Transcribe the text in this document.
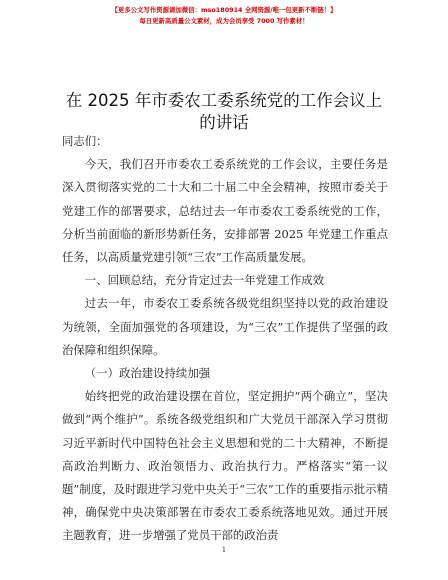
【更多公文写作资源请加微信：mso180914 全网资源/唯一包更新不断链！】
每日更新高质量公文素材，成为会员享受 7000 写作素材！
在 2025 年市委农工委系统党的工作会议上的讲话

同志们：

今天，我们召开市委农工委系统党的工作会议，主要任务是深入贯彻落实党的二十大和二十届二中全会精神，按照市委关于党建工作的部署要求，总结过去一年市委农工委系统党的工作，分析当前面临的新形势新任务，安排部署 2025 年党建工作重点任务，以高质量党建引领“三农”工作高质量发展。

一、回顾总结，充分肯定过去一年党建工作成效

过去一年，市委农工委系统各级党组织坚持以党的政治建设为统领，全面加强党的各项建设，为“三农”工作提供了坚强的政治保障和组织保障。

（一）政治建设持续加强

始终把党的政治建设摆在首位，坚定拥护“两个确立”，坚决做到“两个维护”。系统各级党组织和广大党员干部深入学习贯彻习近平新时代中国特色社会主义思想和党的二十大精神，不断提高政治判断力、政治领悟力、政治执行力。严格落实“第一议题”制度，及时跟进学习党中央关于“三农”工作的重要指示批示精神，确保党中央决策部署在市委农工委系统落地见效。通过开展主题教育，进一步增强了党员干部的政治责

1
